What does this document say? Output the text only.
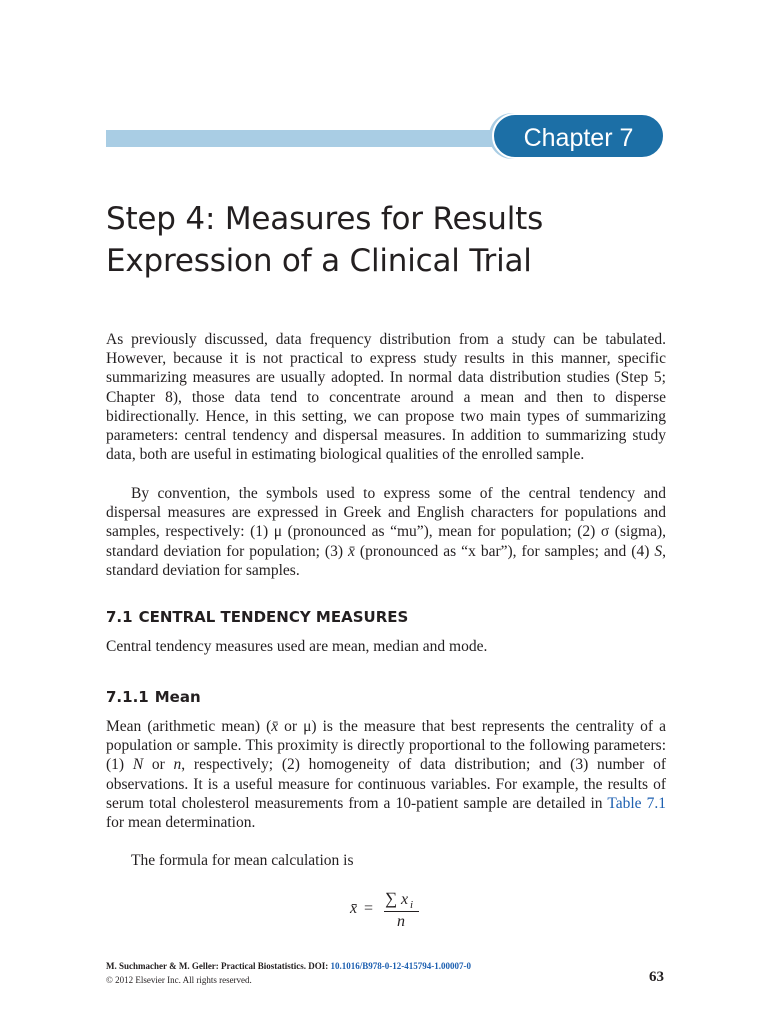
Chapter 7
Step 4: Measures for Results
Expression of a Clinical Trial

As previously discussed, data frequency distribution from a study can be tabulated. However, because it is not practical to express study results in this manner, specific summarizing measures are usually adopted. In normal data distribution studies (Step 5; Chapter 8), those data tend to concentrate around a mean and then to disperse bidirectionally. Hence, in this setting, we can propose two main types of summarizing parameters: central tendency and dispersal measures. In addition to summarizing study data, both are useful in estimating biological qualities of the enrolled sample.

By convention, the symbols used to express some of the central tendency and dispersal measures are expressed in Greek and English characters for populations and samples, respectively: (1) μ (pronounced as “mu”), mean for population; (2) σ (sigma), standard deviation for population; (3) x̄ (pronounced as “x bar”), for samples; and (4) S, standard deviation for samples.

7.1 CENTRAL TENDENCY MEASURES

Central tendency measures used are mean, median and mode.

7.1.1 Mean

Mean (arithmetic mean) (x̄ or μ) is the measure that best represents the centrality of a population or sample. This proximity is directly proportional to the following parameters: (1) N or n, respectively; (2) homogeneity of data distribution; and (3) number of observations. It is a useful measure for continuous variables. For example, the results of serum total cholesterol measurements from a 10-patient sample are detailed in Table 7.1 for mean determination.

The formula for mean calculation is

x̄ =
∑ x i
n
M. Suchmacher & M. Geller: Practical Biostatistics. DOI: 10.1016/B978-0-12-415794-1.00007-0
© 2012 Elsevier Inc. All rights reserved.	63
